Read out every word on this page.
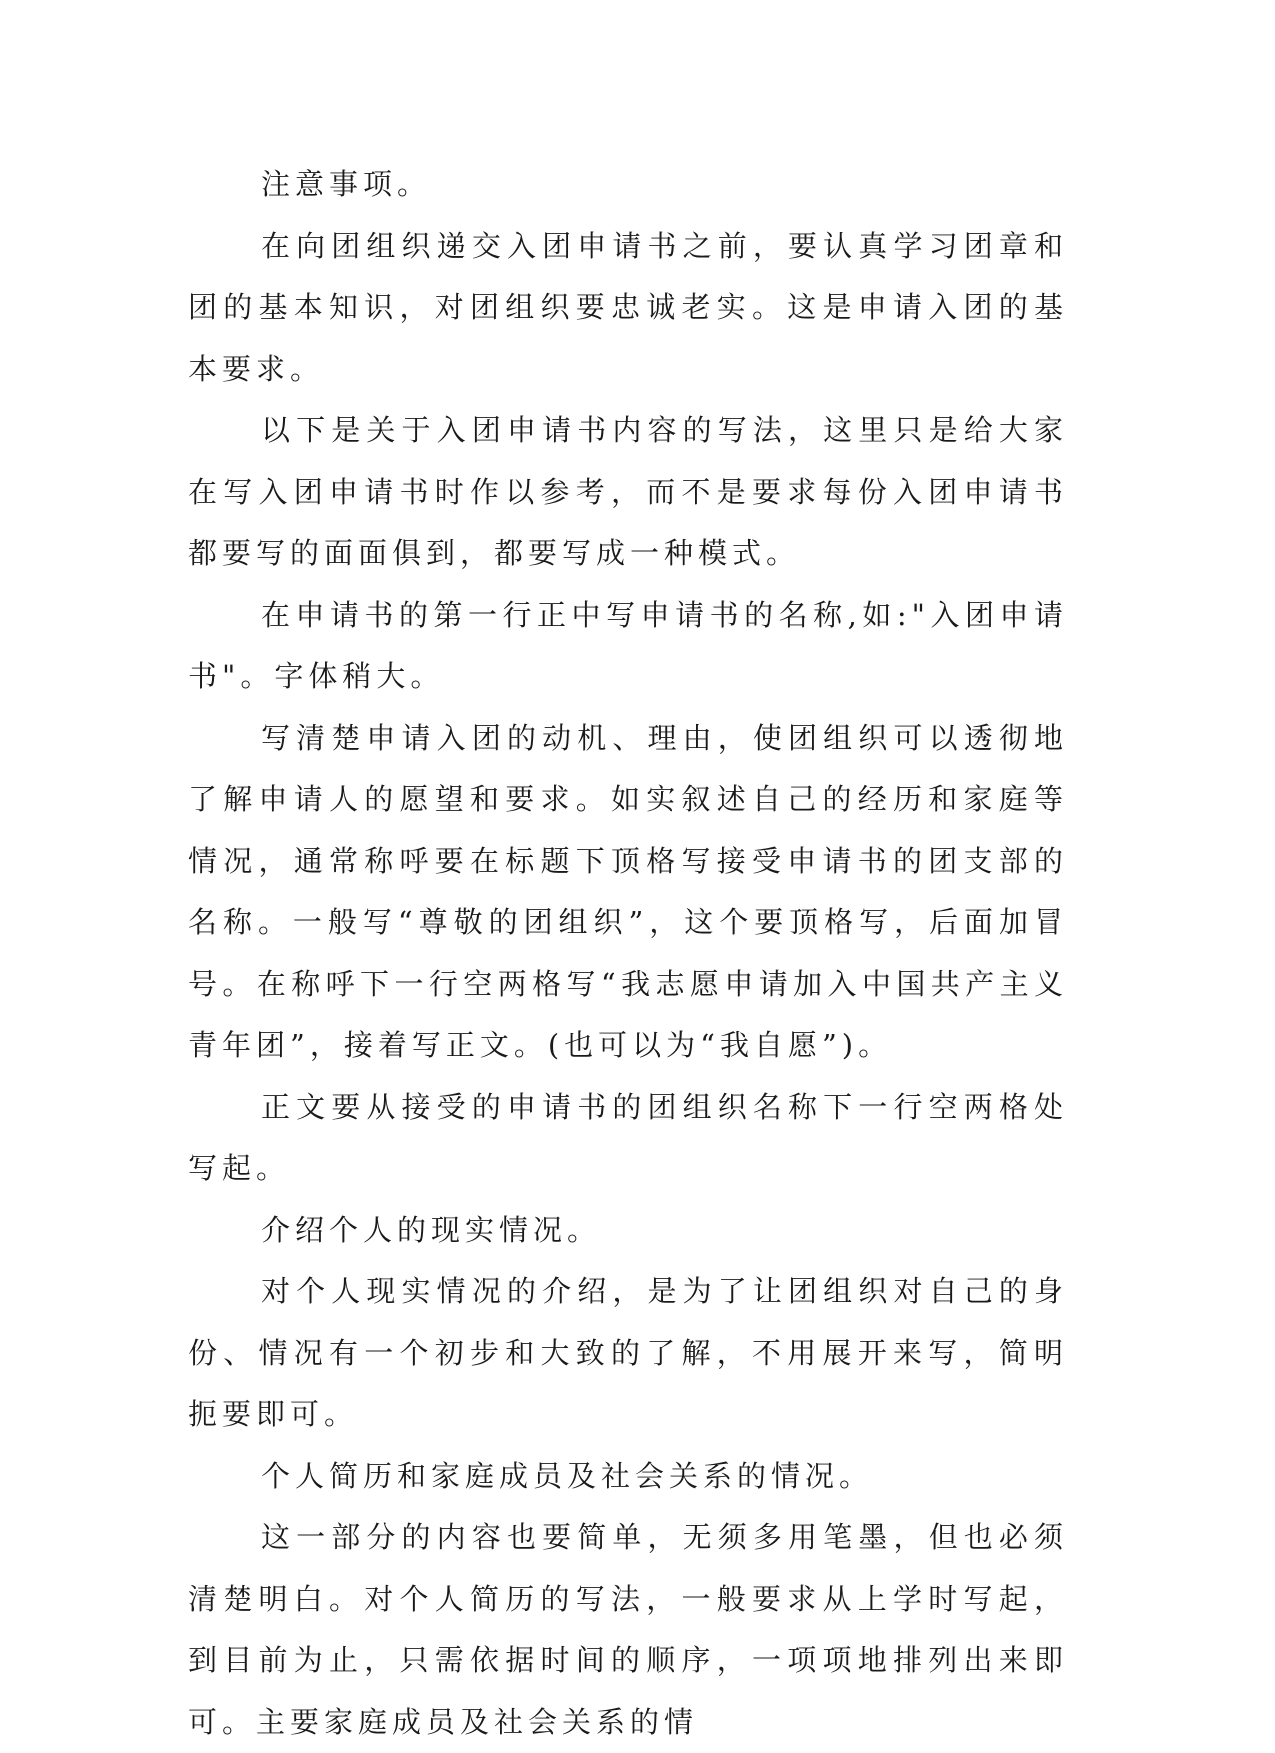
注意事项。

在向团组织递交入团申请书之前，要认真学习团章和团的基本知识，对团组织要忠诚老实。这是申请入团的基本要求。

以下是关于入团申请书内容的写法，这里只是给大家在写入团申请书时作以参考，而不是要求每份入团申请书都要写的面面俱到，都要写成一种模式。

在申请书的第一行正中写申请书的名称,如:"入团申请书"。字体稍大。

写清楚申请入团的动机、理由，使团组织可以透彻地了解申请人的愿望和要求。如实叙述自己的经历和家庭等情况，通常称呼要在标题下顶格写接受申请书的团支部的名称。一般写“尊敬的团组织”，这个要顶格写，后面加冒号。在称呼下一行空两格写“我志愿申请加入中国共产主义青年团”，接着写正文。(也可以为“我自愿”)。

正文要从接受的申请书的团组织名称下一行空两格处写起。

介绍个人的现实情况。

对个人现实情况的介绍，是为了让团组织对自己的身份、情况有一个初步和大致的了解，不用展开来写，简明扼要即可。

个人简历和家庭成员及社会关系的情况。

这一部分的内容也要简单，无须多用笔墨，但也必须清楚明白。对个人简历的写法，一般要求从上学时写起，到目前为止，只需依据时间的顺序，一项项地排列出来即可。主要家庭成员及社会关系的情
